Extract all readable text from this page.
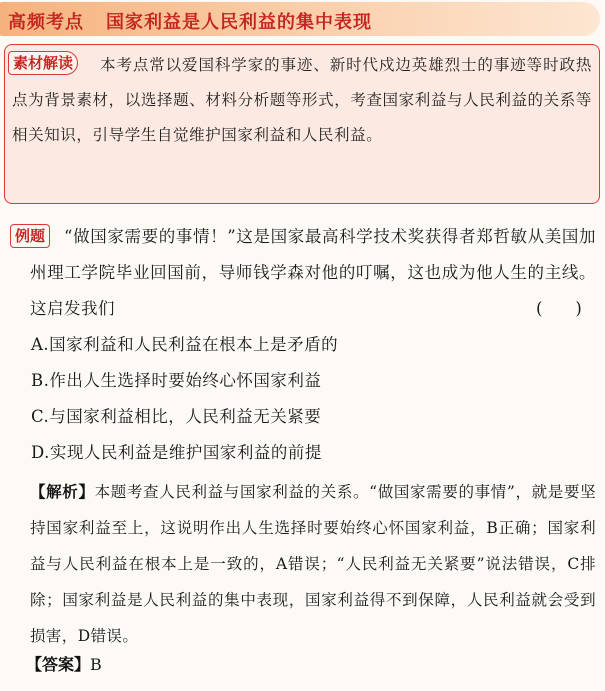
高频考点 国家利益是人民利益的集中表现
素材解读	本考点常以爱国科学家的事迹、新时代戍边英雄烈士的事迹等时政热点为背景素材，以选择题、材料分析题等形式，考查国家利益与人民利益的关系等相关知识，引导学生自觉维护国家利益和人民利益。
例题	“做国家需要的事情！”这是国家最高科学技术奖获得者郑哲敏从美国加州理工学院毕业回国前，导师钱学森对他的叮嘱，这也成为他人生的主线。这启发我们	(　　)
A.国家利益和人民利益在根本上是矛盾的
B.作出人生选择时要始终心怀国家利益
C.与国家利益相比，人民利益无关紧要
D.实现人民利益是维护国家利益的前提
【解析】本题考查人民利益与国家利益的关系。“做国家需要的事情”，就是要坚持国家利益至上，这说明作出人生选择时要始终心怀国家利益，B正确；国家利益与人民利益在根本上是一致的，A错误；“人民利益无关紧要”说法错误，C排除；国家利益是人民利益的集中表现，国家利益得不到保障，人民利益就会受到损害，D错误。
【答案】B
